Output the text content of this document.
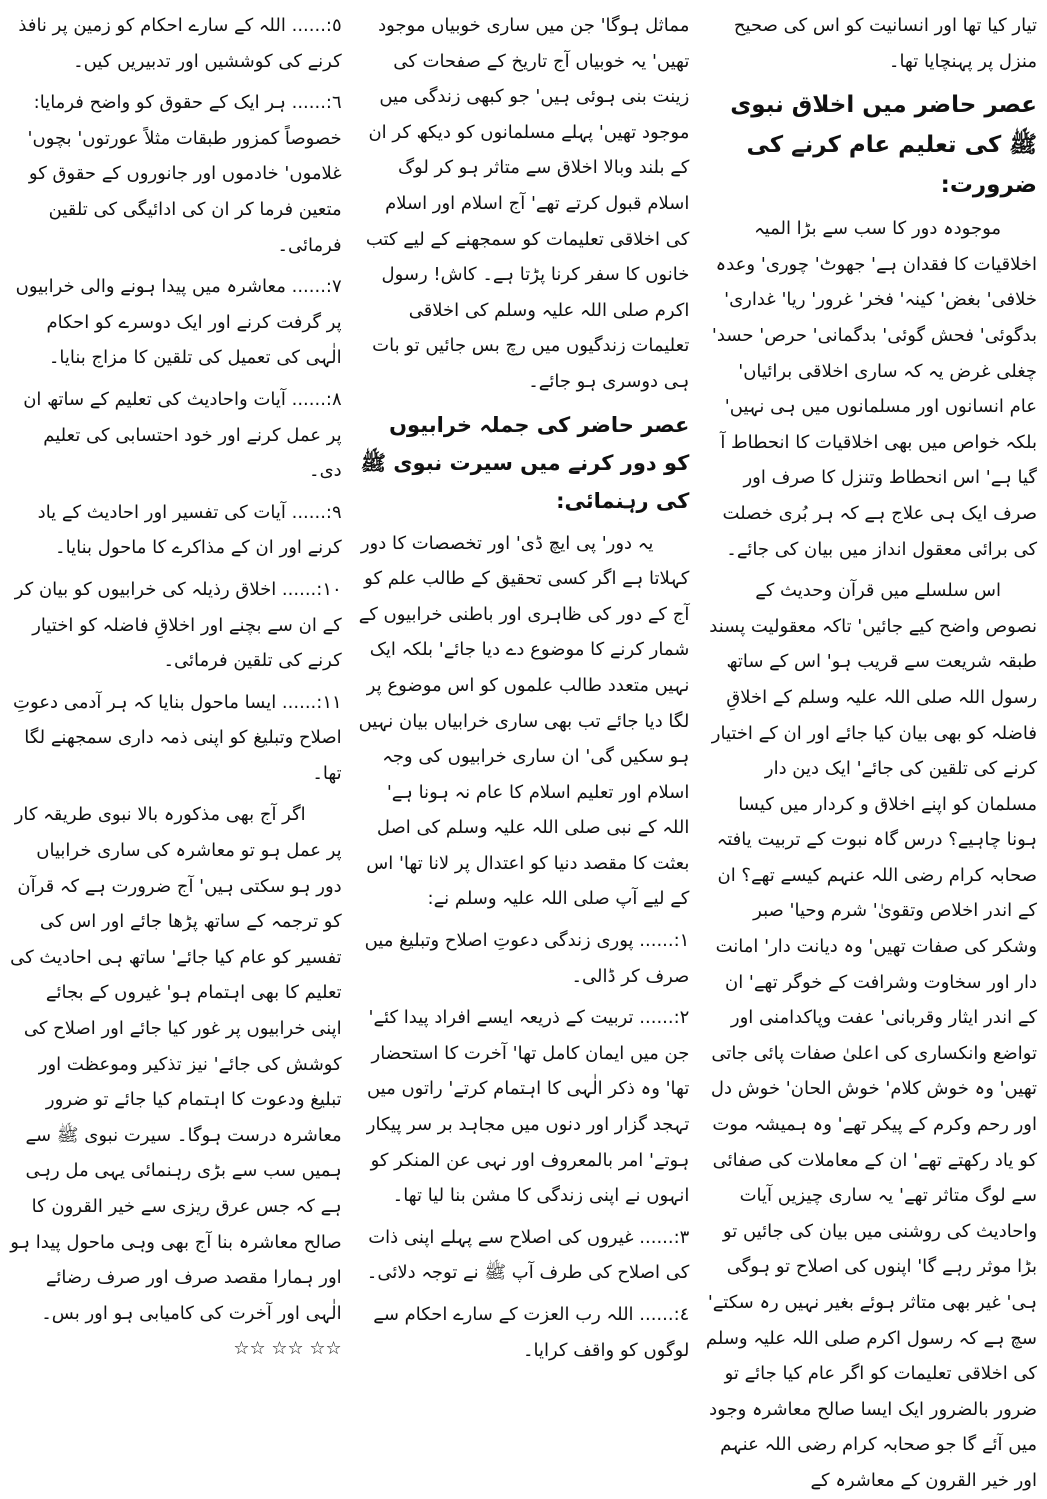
٥:...... اللہ کے سارے احکام کو زمین پر نافذ کرنے کی کوششیں اور تدبیریں کیں۔

٦:...... ہر ایک کے حقوق کو واضح فرمایا: خصوصاً کمزور طبقات مثلاً عورتوں' بچوں' غلاموں' خادموں اور جانوروں کے حقوق کو متعین فرما کر ان کی ادائیگی کی تلقین فرمائی۔

٧:...... معاشرہ میں پیدا ہونے والی خرابیوں پر گرفت کرنے اور ایک دوسرے کو احکام الٰہی کی تعمیل کی تلقین کا مزاج بنایا۔

٨:...... آیات واحادیث کی تعلیم کے ساتھ ان پر عمل کرنے اور خود احتسابی کی تعلیم دی۔

٩:...... آیات کی تفسیر اور احادیث کے یاد کرنے اور ان کے مذاکرے کا ماحول بنایا۔

١٠:...... اخلاق رذیلہ کی خرابیوں کو بیان کر کے ان سے بچنے اور اخلاقِ فاضلہ کو اختیار کرنے کی تلقین فرمائی۔

١١:...... ایسا ماحول بنایا کہ ہر آدمی دعوتِ اصلاح وتبلیغ کو اپنی ذمہ داری سمجھنے لگا تھا۔

اگر آج بھی مذکورہ بالا نبوی طریقہ کار پر عمل ہو تو معاشرہ کی ساری خرابیاں دور ہو سکتی ہیں' آج ضرورت ہے کہ قرآن کو ترجمہ کے ساتھ پڑھا جائے اور اس کی تفسیر کو عام کیا جائے' ساتھ ہی احادیث کی تعلیم کا بھی اہتمام ہو' غیروں کے بجائے اپنی خرابیوں پر غور کیا جائے اور اصلاح کی کوشش کی جائے' نیز تذکیر وموعظت اور تبلیغ ودعوت کا اہتمام کیا جائے تو ضرور معاشرہ درست ہوگا۔ سیرت نبوی ﷺ سے ہمیں سب سے بڑی رہنمائی یہی مل رہی ہے کہ جس عرق ریزی سے خیر القرون کا صالح معاشرہ بنا آج بھی وہی ماحول پیدا ہو اور ہمارا مقصد صرف اور صرف رضائے الٰہی اور آخرت کی کامیابی ہو اور بس۔ ☆☆ ☆☆ ☆☆

مماثل ہوگا' جن میں ساری خوبیاں موجود تھیں' یہ خوبیاں آج تاریخ کے صفحات کی زینت بنی ہوئی ہیں' جو کبھی زندگی میں موجود تھیں' پہلے مسلمانوں کو دیکھ کر ان کے بلند وبالا اخلاق سے متاثر ہو کر لوگ اسلام قبول کرتے تھے' آج اسلام اور اسلام کی اخلاقی تعلیمات کو سمجھنے کے لیے کتب خانوں کا سفر کرنا پڑتا ہے۔ کاش! رسول اکرم صلی اللہ علیہ وسلم کی اخلاقی تعلیمات زندگیوں میں رچ بس جائیں تو بات ہی دوسری ہو جائے۔

عصر حاضر کی جملہ خرابیوں کو دور کرنے میں سیرت نبوی ﷺ کی رہنمائی:

یہ دور' پی ایچ ڈی' اور تخصصات کا دور کہلاتا ہے اگر کسی تحقیق کے طالب علم کو آج کے دور کی ظاہری اور باطنی خرابیوں کے شمار کرنے کا موضوع دے دیا جائے' بلکہ ایک نہیں متعدد طالب علموں کو اس موضوع پر لگا دیا جائے تب بھی ساری خرابیاں بیان نہیں ہو سکیں گی' ان ساری خرابیوں کی وجہ اسلام اور تعلیم اسلام کا عام نہ ہونا ہے' اللہ کے نبی صلی اللہ علیہ وسلم کی اصل بعثت کا مقصد دنیا کو اعتدال پر لانا تھا' اس کے لیے آپ صلی اللہ علیہ وسلم نے:

١:...... پوری زندگی دعوتِ اصلاح وتبلیغ میں صرف کر ڈالی۔

٢:...... تربیت کے ذریعہ ایسے افراد پیدا کئے' جن میں ایمان کامل تھا' آخرت کا استحضار تھا' وہ ذکر الٰہی کا اہتمام کرتے' راتوں میں تہجد گزار اور دنوں میں مجاہد بر سر پیکار ہوتے' امر بالمعروف اور نہی عن المنکر کو انہوں نے اپنی زندگی کا مشن بنا لیا تھا۔

٣:...... غیروں کی اصلاح سے پہلے اپنی ذات کی اصلاح کی طرف آپ ﷺ نے توجہ دلائی۔

٤:...... اللہ رب العزت کے سارے احکام سے لوگوں کو واقف کرایا۔

تیار کیا تھا اور انسانیت کو اس کی صحیح منزل پر پہنچایا تھا۔

عصر حاضر میں اخلاق نبوی ﷺ کی تعلیم عام کرنے کی ضرورت:

موجودہ دور کا سب سے بڑا المیہ اخلاقیات کا فقدان ہے' جھوٹ' چوری' وعدہ خلافی' بغض' کینہ' فخر' غرور' ریا' غداری' بدگوئی' فحش گوئی' بدگمانی' حرص' حسد' چغلی غرض یہ کہ ساری اخلاقی برائیاں' عام انسانوں اور مسلمانوں میں ہی نہیں' بلکہ خواص میں بھی اخلاقیات کا انحطاط آ گیا ہے' اس انحطاط وتنزل کا صرف اور صرف ایک ہی علاج ہے کہ ہر بُری خصلت کی برائی معقول انداز میں بیان کی جائے۔

اس سلسلے میں قرآن وحدیث کے نصوص واضح کیے جائیں' تاکہ معقولیت پسند طبقہ شریعت سے قریب ہو' اس کے ساتھ رسول اللہ صلی اللہ علیہ وسلم کے اخلاقِ فاضلہ کو بھی بیان کیا جائے اور ان کے اختیار کرنے کی تلقین کی جائے' ایک دین دار مسلمان کو اپنے اخلاق و کردار میں کیسا ہونا چاہیے؟ درس گاہ نبوت کے تربیت یافتہ صحابہ کرام رضی اللہ عنہم کیسے تھے؟ ان کے اندر اخلاص وتقویٰ' شرم وحیا' صبر وشکر کی صفات تھیں' وہ دیانت دار' امانت دار اور سخاوت وشرافت کے خوگر تھے' ان کے اندر ایثار وقربانی' عفت وپاکدامنی اور تواضع وانکساری کی اعلیٰ صفات پائی جاتی تھیں' وہ خوش کلام' خوش الحان' خوش دل اور رحم وکرم کے پیکر تھے' وہ ہمیشہ موت کو یاد رکھتے تھے' ان کے معاملات کی صفائی سے لوگ متاثر تھے' یہ ساری چیزیں آیات واحادیث کی روشنی میں بیان کی جائیں تو بڑا موثر رہے گا' اپنوں کی اصلاح تو ہوگی ہی' غیر بھی متاثر ہوئے بغیر نہیں رہ سکتے' سچ ہے کہ رسول اکرم صلی اللہ علیہ وسلم کی اخلاقی تعلیمات کو اگر عام کیا جائے تو ضرور بالضرور ایک ایسا صالح معاشرہ وجود میں آئے گا جو صحابہ کرام رضی اللہ عنہم اور خیر القرون کے معاشرہ کے
